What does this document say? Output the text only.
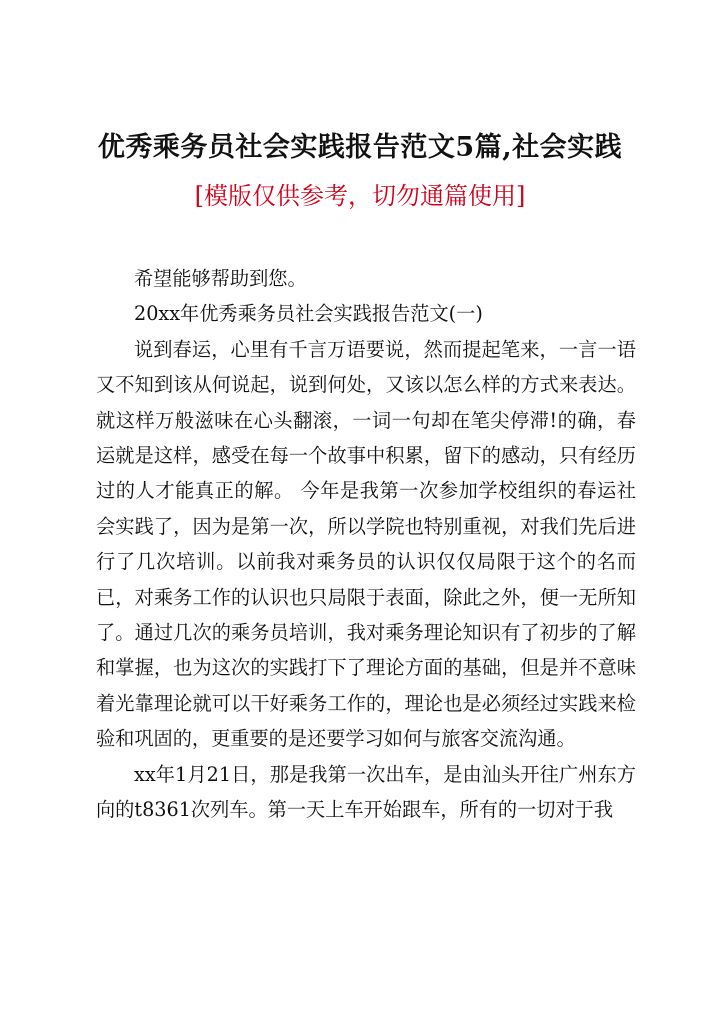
优秀乘务员社会实践报告范文5篇,社会实践
[模版仅供参考，切勿通篇使用]

希望能够帮助到您。

20xx年优秀乘务员社会实践报告范文(一)

说到春运，心里有千言万语要说，然而提起笔来，一言一语又不知到该从何说起，说到何处，又该以怎么样的方式来表达。就这样万般滋味在心头翻滚，一词一句却在笔尖停滞!的确，春运就是这样，感受在每一个故事中积累，留下的感动，只有经历过的人才能真正的解。 今年是我第一次参加学校组织的春运社会实践了，因为是第一次，所以学院也特别重视，对我们先后进行了几次培训。以前我对乘务员的认识仅仅局限于这个的名而已，对乘务工作的认识也只局限于表面，除此之外，便一无所知了。通过几次的乘务员培训，我对乘务理论知识有了初步的了解和掌握，也为这次的实践打下了理论方面的基础，但是并不意味着光靠理论就可以干好乘务工作的，理论也是必须经过实践来检验和巩固的，更重要的是还要学习如何与旅客交流沟通。

xx年1月21日，那是我第一次出车，是由汕头开往广州东方向的t8361次列车。第一天上车开始跟车，所有的一切对于我
